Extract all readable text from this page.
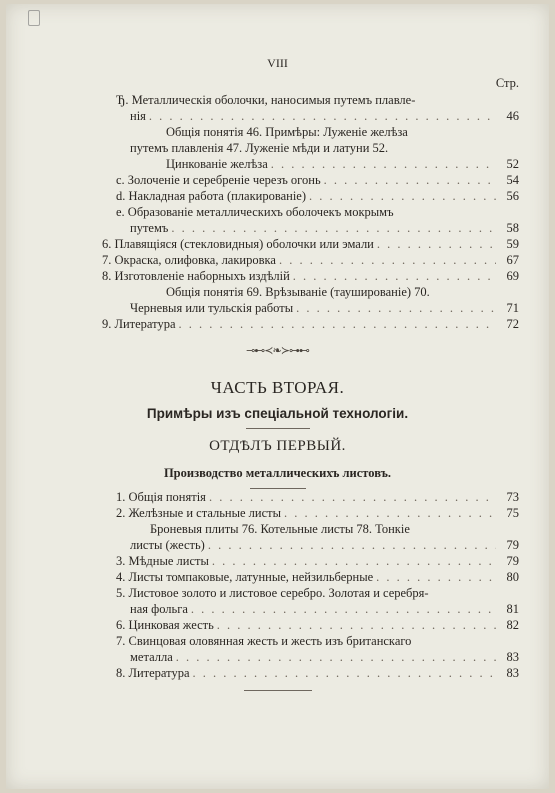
VIII
Стр.
Ђ. Металлическія оболочки, наносимыя путемъ плавле-
нія . . .	46
Общія понятія 46. Примѣры: Луженіе желѣза
путемъ плавленія 47. Луженіе мѣди и латуни 52.
Цинкованіе желѣза . . .	52
с. Золоченіе и серебреніе черезъ огонь . . .	54
d. Накладная работа (плакированіе) . . .	56
е. Образованіе металлическихъ оболочекъ мокрымъ
путемъ . . .	58
6. Плавящіяся (стекловидныя) оболочки или эмали . . .	59
7. Окраска, олифовка, лакировка . . .	67
8. Изготовленіе наборныхъ издѣлій . . .	69
Общія понятія 69. Врѣзываніе (таушированіе) 70.
Черневыя или тульскія работы . . .	71
9. Литература . . .	72
⊸⊷≺❧≻⊶⊷
ЧАСТЬ ВТОРАЯ.
Примѣры изъ спеціальной технологіи.
ОТДѢЛЪ ПЕРВЫЙ.
Производство металлическихъ листовъ.
1. Общія понятія . . .	73
2. Желѣзные и стальные листы . . .	75
Броневыя плиты 76. Котельные листы 78. Тонкіе
листы (жесть) . . .	79
3. Мѣдные листы . . .	79
4. Листы томпаковые, латунные, нейзильберные . . .	80
5. Листовое золото и листовое серебро. Золотая и серебря-
ная фольга . . .	81
6. Цинковая жесть . . .	82
7. Свинцовая оловянная жесть и жесть изъ британскаго
металла . . .	83
8. Литература . . .	83
